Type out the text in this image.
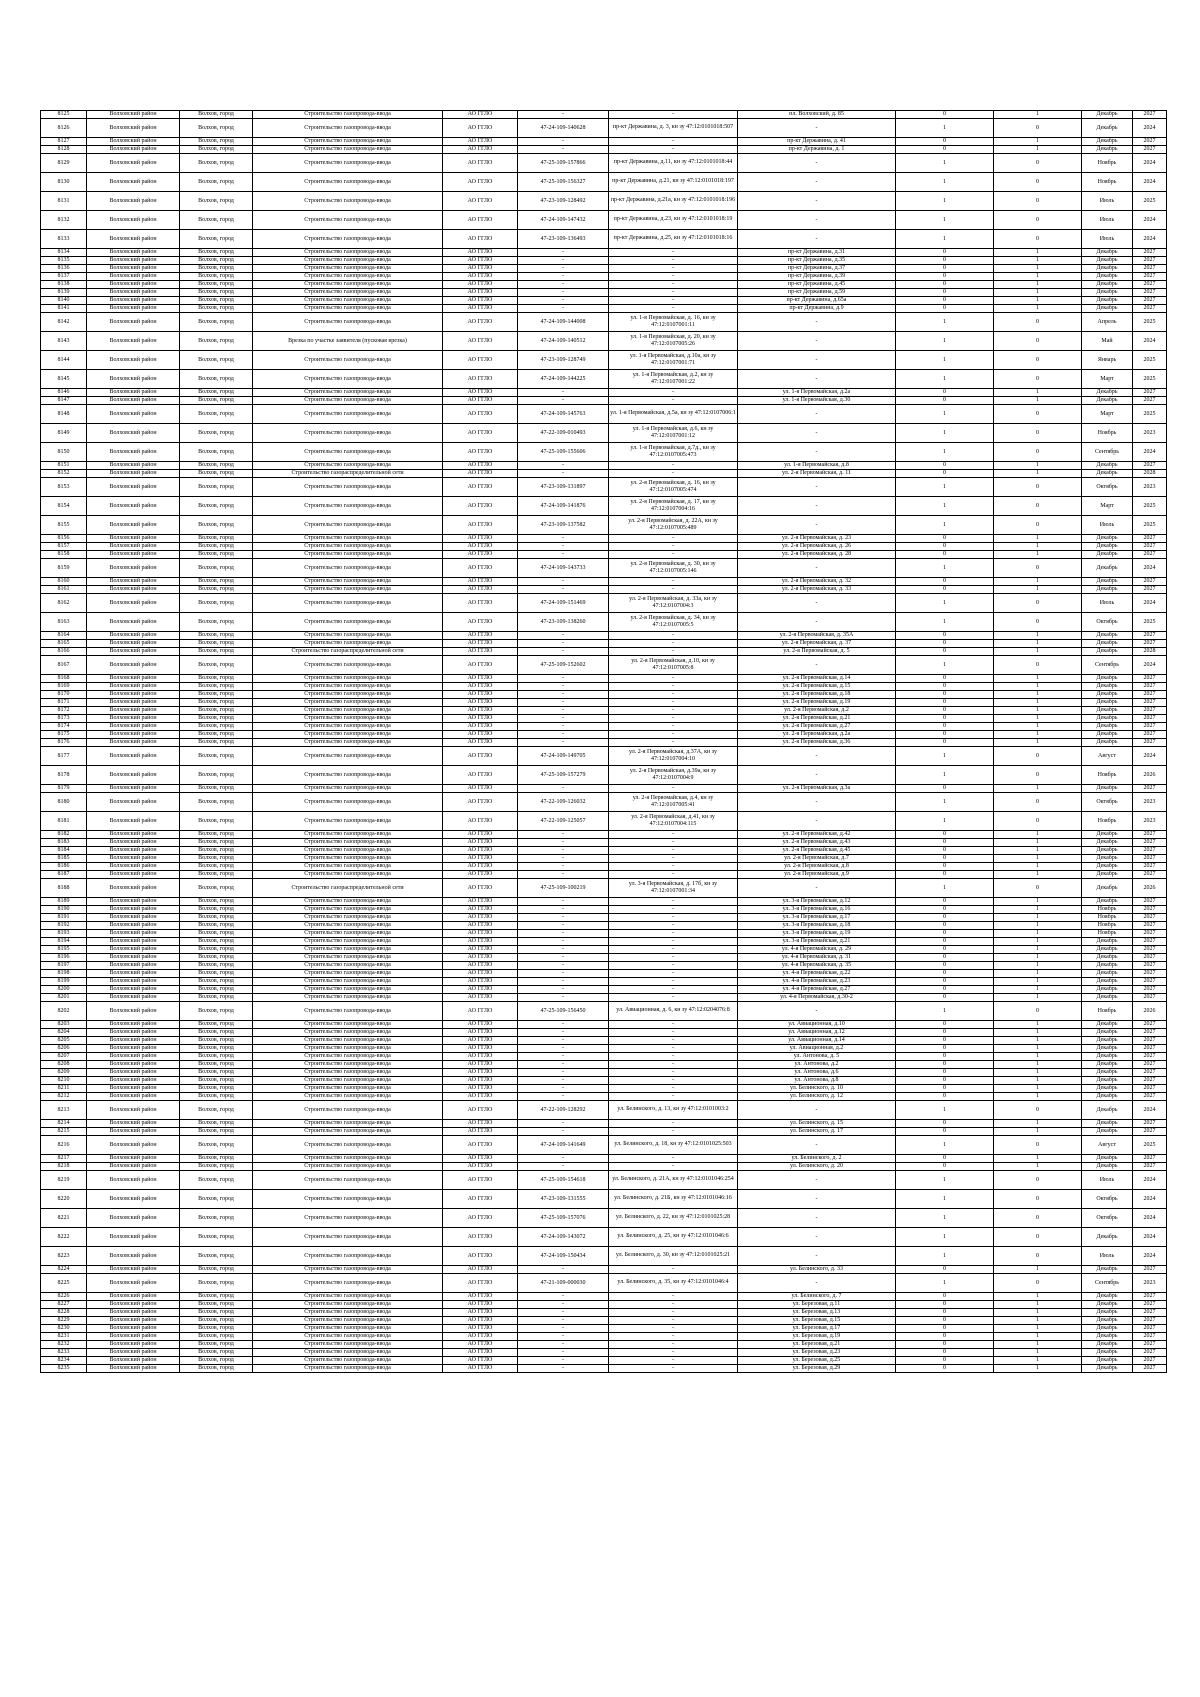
8125	Волховский район	Волхов, город	Строительство газопровода-ввода	АО ГГЛО	-	-	пл. Волховский, д. 85	0	1	Декабрь	2027
8126	Волховский район	Волхов, город	Строительство газопровода-ввода	АО ГГЛО	47-24-109-140628	пр-кт Державина, д. 3, кн зу 47:12:0101018:507	-	1	0	Декабрь	2024
8127	Волховский район	Волхов, город	Строительство газопровода-ввода	АО ГГЛО	-	-	пр-кт Державина, д. 41	0	1	Декабрь	2027
8128	Волховский район	Волхов, город	Строительство газопровода-ввода	АО ГГЛО	-	-	пр-кт Державина, д. 1	0	1	Декабрь	2027
8129	Волховский район	Волхов, город	Строительство газопровода-ввода	АО ГГЛО	47-25-109-157866	пр-кт Державина, д.11, кн зу 47:12:0101018:44	-	1	0	Ноябрь	2024
8130	Волховский район	Волхов, город	Строительство газопровода-ввода	АО ГГЛО	47-25-109-156327	пр-кт Державина, д.21, кн зу 47:12:0101018:197	-	1	0	Ноябрь	2024
8131	Волховский район	Волхов, город	Строительство газопровода-ввода	АО ГГЛО	47-23-109-128492	пр-кт Державина, д.21а, кн зу 47:12:0101018:196	-	1	0	Июль	2025
8132	Волховский район	Волхов, город	Строительство газопровода-ввода	АО ГГЛО	47-24-109-147432	пр-кт Державина, д.23, кн зу 47:12:0101018:19	-	1	0	Июль	2024
8133	Волховский район	Волхов, город	Строительство газопровода-ввода	АО ГГЛО	47-23-109-136493	пр-кт Державина, д.25, кн зу 47:12:0101018:16	-	1	0	Июль	2024
8134	Волховский район	Волхов, город	Строительство газопровода-ввода	АО ГГЛО	-	-	пр-кт Державина, д.31	0	1	Декабрь	2027
8135	Волховский район	Волхов, город	Строительство газопровода-ввода	АО ГГЛО	-	-	пр-кт Державина, д.35	0	1	Декабрь	2027
8136	Волховский район	Волхов, город	Строительство газопровода-ввода	АО ГГЛО	-	-	пр-кт Державина, д.37	0	1	Декабрь	2027
8137	Волховский район	Волхов, город	Строительство газопровода-ввода	АО ГГЛО	-	-	пр-кт Державина, д.39	0	1	Декабрь	2027
8138	Волховский район	Волхов, город	Строительство газопровода-ввода	АО ГГЛО	-	-	пр-кт Державина, д.45	0	1	Декабрь	2027
8139	Волховский район	Волхов, город	Строительство газопровода-ввода	АО ГГЛО	-	-	пр-кт Державина, д.59	0	1	Декабрь	2027
8140	Волховский район	Волхов, город	Строительство газопровода-ввода	АО ГГЛО	-	-	пр-кт Державина, д.65а	0	1	Декабрь	2027
8141	Волховский район	Волхов, город	Строительство газопровода-ввода	АО ГГЛО	-	-	пр-кт Державина, д.9	0	1	Декабрь	2027
8142	Волховский район	Волхов, город	Строительство газопровода-ввода	АО ГГЛО	47-24-109-144008	ул. 1-я Первомайская, д. 16, кн зу 47:12:0107001:11	-	1	0	Апрель	2025
8143	Волховский район	Волхов, город	Врезка по участке заявителя (пусковая врезка)	АО ГГЛО	47-24-109-140512	ул. 1-я Первомайская, д. 20, кн зу 47:12:0107005:26	-	1	0	Май	2024
8144	Волховский район	Волхов, город	Строительство газопровода-ввода	АО ГГЛО	47-23-109-128749	ул. 1-я Первомайская, д.10а, кн зу 47:12:0107001:71	-	1	0	Январь	2025
8145	Волховский район	Волхов, город	Строительство газопровода-ввода	АО ГГЛО	47-24-109-144225	ул. 1-я Первомайская, д.2, кн зу 47:12:0107001:22	-	1	0	Март	2025
8146	Волховский район	Волхов, город	Строительство газопровода-ввода	АО ГГЛО	-	-	ул. 1-я Первомайская, д.2а	0	1	Декабрь	2027
8147	Волховский район	Волхов, город	Строительство газопровода-ввода	АО ГГЛО	-	-	ул. 1-я Первомайская, д.30	0	1	Декабрь	2027
8148	Волховский район	Волхов, город	Строительство газопровода-ввода	АО ГГЛО	47-24-109-145763	ул. 1-я Первомайская, д.5а, кн зу 47:12:0107006:1	-	1	0	Март	2025
8149	Волховский район	Волхов, город	Строительство газопровода-ввода	АО ГГЛО	47-22-109-010493	ул. 1-я Первомайская, д.6, кн зу 47:12:0107001:12	-	1	0	Ноябрь	2023
8150	Волховский район	Волхов, город	Строительство газопровода-ввода	АО ГГЛО	47-25-109-155606	ул. 1-я Первомайская, д.7д., кн зу 47:12:0107005:473	-	1	0	Сентябрь	2024
8151	Волховский район	Волхов, город	Строительство газопровода-ввода	АО ГГЛО	-	-	ул. 1-я Первомайская, д.8	0	1	Декабрь	2027
8152	Волховский район	Волхов, город	Строительство газораспределительной сети	АО ГГЛО	-	-	ул. 2-я Первомайская, д. 11	0	1	Декабрь	2028
8153	Волховский район	Волхов, город	Строительство газопровода-ввода	АО ГГЛО	47-23-109-131897	ул. 2-я Первомайская, д. 16, кн зу 47:12:0107005:474	-	1	0	Октябрь	2023
8154	Волховский район	Волхов, город	Строительство газопровода-ввода	АО ГГЛО	47-24-109-141876	ул. 2-я Первомайская, д. 17, кн зу 47:12:0107004:16	-	1	0	Март	2025
8155	Волховский район	Волхов, город	Строительство газопровода-ввода	АО ГГЛО	47-23-109-137582	ул. 2-я Первомайская, д. 22А, кн зу 47:12:0107005:489	-	1	0	Июль	2025
8156	Волховский район	Волхов, город	Строительство газопровода-ввода	АО ГГЛО	-	-	ул. 2-я Первомайская, д. 23	0	1	Декабрь	2027
8157	Волховский район	Волхов, город	Строительство газопровода-ввода	АО ГГЛО	-	-	ул. 2-я Первомайская, д. 26	0	1	Декабрь	2027
8158	Волховский район	Волхов, город	Строительство газопровода-ввода	АО ГГЛО	-	-	ул. 2-я Первомайская, д. 28	0	1	Декабрь	2027
8159	Волховский район	Волхов, город	Строительство газопровода-ввода	АО ГГЛО	47-24-109-143733	ул. 2-я Первомайская, д. 30, кн зу 47:12:0107005:146	-	1	0	Декабрь	2024
8160	Волховский район	Волхов, город	Строительство газопровода-ввода	АО ГГЛО	-	-	ул. 2-я Первомайская, д. 32	0	1	Декабрь	2027
8161	Волховский район	Волхов, город	Строительство газопровода-ввода	АО ГГЛО	-	-	ул. 2-я Первомайская, д. 33	0	1	Декабрь	2027
8162	Волховский район	Волхов, город	Строительство газопровода-ввода	АО ГГЛО	47-24-109-151469	ул. 2-я Первомайская, д. 33а, кн зу 47:12:0107004:3	-	1	0	Июль	2024
8163	Волховский район	Волхов, город	Строительство газопровода-ввода	АО ГГЛО	47-23-109-138260	ул. 2-я Первомайская, д. 34, кн зу 47:12:0107005:5	-	1	0	Октябрь	2025
8164	Волховский район	Волхов, город	Строительство газопровода-ввода	АО ГГЛО	-	-	ул. 2-я Первомайская, д. 35А	0	1	Декабрь	2027
8165	Волховский район	Волхов, город	Строительство газопровода-ввода	АО ГГЛО	-	-	ул. 2-я Первомайская, д. 37	0	1	Декабрь	2027
8166	Волховский район	Волхов, город	Строительство газораспределительной сети	АО ГГЛО	-	-	ул. 2-я Первомайская, д. 5	0	1	Декабрь	2028
8167	Волховский район	Волхов, город	Строительство газопровода-ввода	АО ГГЛО	47-25-109-152602	ул. 2-я Первомайская, д.10, кн зу 47:12:0107005:8	-	1	0	Сентябрь	2024
8168	Волховский район	Волхов, город	Строительство газопровода-ввода	АО ГГЛО	-	-	ул. 2-я Первомайская, д.14	0	1	Декабрь	2027
8169	Волховский район	Волхов, город	Строительство газопровода-ввода	АО ГГЛО	-	-	ул. 2-я Первомайская, д.15	0	1	Декабрь	2027
8170	Волховский район	Волхов, город	Строительство газопровода-ввода	АО ГГЛО	-	-	ул. 2-я Первомайская, д.18	0	1	Декабрь	2027
8171	Волховский район	Волхов, город	Строительство газопровода-ввода	АО ГГЛО	-	-	ул. 2-я Первомайская, д.19	0	1	Декабрь	2027
8172	Волховский район	Волхов, город	Строительство газопровода-ввода	АО ГГЛО	-	-	ул. 2-я Первомайская, д.2	0	1	Декабрь	2027
8173	Волховский район	Волхов, город	Строительство газопровода-ввода	АО ГГЛО	-	-	ул. 2-я Первомайская, д.21	0	1	Декабрь	2027
8174	Волховский район	Волхов, город	Строительство газопровода-ввода	АО ГГЛО	-	-	ул. 2-я Первомайская, д.27	0	1	Декабрь	2027
8175	Волховский район	Волхов, город	Строительство газопровода-ввода	АО ГГЛО	-	-	ул. 2-я Первомайская, д.2а	0	1	Декабрь	2027
8176	Волховский район	Волхов, город	Строительство газопровода-ввода	АО ГГЛО	-	-	ул. 2-я Первомайская, д.36	0	1	Декабрь	2027
8177	Волховский район	Волхов, город	Строительство газопровода-ввода	АО ГГЛО	47-24-109-149705	ул. 2-я Первомайская, д.37А, кн зу 47:12:0107004:10	-	1	0	Август	2024
8178	Волховский район	Волхов, город	Строительство газопровода-ввода	АО ГГЛО	47-25-109-157279	ул. 2-я Первомайская, д.39а, кн зу 47:12:0107004:9	-	1	0	Ноябрь	2026
8179	Волховский район	Волхов, город	Строительство газопровода-ввода	АО ГГЛО	-	-	ул. 2-я Первомайская, д.3а	0	1	Декабрь	2027
8180	Волховский район	Волхов, город	Строительство газопровода-ввода	АО ГГЛО	47-22-109-126032	ул. 2-я Первомайская, д.4, кн зу 47:12:0107005:41	-	1	0	Октябрь	2023
8181	Волховский район	Волхов, город	Строительство газопровода-ввода	АО ГГЛО	47-22-109-125057	ул. 2-я Первомайская, д.41, кн зу 47:12:0107004:115	-	1	0	Ноябрь	2023
8182	Волховский район	Волхов, город	Строительство газопровода-ввода	АО ГГЛО	-	-	ул. 2-я Первомайская, д.42	0	1	Декабрь	2027
8183	Волховский район	Волхов, город	Строительство газопровода-ввода	АО ГГЛО	-	-	ул. 2-я Первомайская, д.43	0	1	Декабрь	2027
8184	Волховский район	Волхов, город	Строительство газопровода-ввода	АО ГГЛО	-	-	ул. 2-я Первомайская, д.45	0	1	Декабрь	2027
8185	Волховский район	Волхов, город	Строительство газопровода-ввода	АО ГГЛО	-	-	ул. 2-я Первомайская, д.7	0	1	Декабрь	2027
8186	Волховский район	Волхов, город	Строительство газопровода-ввода	АО ГГЛО	-	-	ул. 2-я Первомайская, д.8	0	1	Декабрь	2027
8187	Волховский район	Волхов, город	Строительство газопровода-ввода	АО ГГЛО	-	-	ул. 2-я Первомайская, д.9	0	1	Декабрь	2027
8188	Волховский район	Волхов, город	Строительство газораспределительной сети	АО ГГЛО	47-25-109-100219	ул. 3-я Первомайская, д. 17б, кн зу 47:12:0107001:34	-	1	0	Декабрь	2026
8189	Волховский район	Волхов, город	Строительство газопровода-ввода	АО ГГЛО	-	-	ул. 3-я Первомайская, д.12	0	1	Декабрь	2027
8190	Волховский район	Волхов, город	Строительство газопровода-ввода	АО ГГЛО	-	-	ул. 3-я Первомайская, д.16	0	1	Ноябрь	2027
8191	Волховский район	Волхов, город	Строительство газопровода-ввода	АО ГГЛО	-	-	ул. 3-я Первомайская, д.17	0	1	Ноябрь	2027
8192	Волховский район	Волхов, город	Строительство газопровода-ввода	АО ГГЛО	-	-	ул. 3-я Первомайская, д.18	0	1	Ноябрь	2027
8193	Волховский район	Волхов, город	Строительство газопровода-ввода	АО ГГЛО	-	-	ул. 3-я Первомайская, д.19	0	1	Ноябрь	2027
8194	Волховский район	Волхов, город	Строительство газопровода-ввода	АО ГГЛО	-	-	ул. 3-я Первомайская, д.21	0	1	Декабрь	2027
8195	Волховский район	Волхов, город	Строительство газопровода-ввода	АО ГГЛО	-	-	ул. 4-я Первомайская, д. 29	0	1	Декабрь	2027
8196	Волховский район	Волхов, город	Строительство газопровода-ввода	АО ГГЛО	-	-	ул. 4-я Первомайская, д. 31	0	1	Декабрь	2027
8197	Волховский район	Волхов, город	Строительство газопровода-ввода	АО ГГЛО	-	-	ул. 4-я Первомайская, д. 35	0	1	Декабрь	2027
8198	Волховский район	Волхов, город	Строительство газопровода-ввода	АО ГГЛО	-	-	ул. 4-я Первомайская, д.22	0	1	Декабрь	2027
8199	Волховский район	Волхов, город	Строительство газопровода-ввода	АО ГГЛО	-	-	ул. 4-я Первомайская, д.23	0	1	Декабрь	2027
8200	Волховский район	Волхов, город	Строительство газопровода-ввода	АО ГГЛО	-	-	ул. 4-я Первомайская, д.27	0	1	Декабрь	2027
8201	Волховский район	Волхов, город	Строительство газопровода-ввода	АО ГГЛО	-	-	ул. 4-я Первомайская, д.30-2	0	1	Декабрь	2027
8202	Волховский район	Волхов, город	Строительство газопровода-ввода	АО ГГЛО	47-25-109-156450	ул. Авиационная, д. 6, кн зу 47:12:0204076:8	-	1	0	Ноябрь	2026
8203	Волховский район	Волхов, город	Строительство газопровода-ввода	АО ГГЛО	-	-	ул. Авиационная, д.10	0	1	Декабрь	2027
8204	Волховский район	Волхов, город	Строительство газопровода-ввода	АО ГГЛО	-	-	ул. Авиационная, д.12	0	1	Декабрь	2027
8205	Волховский район	Волхов, город	Строительство газопровода-ввода	АО ГГЛО	-	-	ул. Авиационная, д.14	0	1	Декабрь	2027
8206	Волховский район	Волхов, город	Строительство газопровода-ввода	АО ГГЛО	-	-	ул. Авиационная, д.2	0	1	Декабрь	2027
8207	Волховский район	Волхов, город	Строительство газопровода-ввода	АО ГГЛО	-	-	ул. Антонова, д. 5	0	1	Декабрь	2027
8208	Волховский район	Волхов, город	Строительство газопровода-ввода	АО ГГЛО	-	-	ул. Антонова, д.2	0	1	Декабрь	2027
8209	Волховский район	Волхов, город	Строительство газопровода-ввода	АО ГГЛО	-	-	ул. Антонова, д.6	0	1	Декабрь	2027
8210	Волховский район	Волхов, город	Строительство газопровода-ввода	АО ГГЛО	-	-	ул. Антонова, д.8	0	1	Декабрь	2027
8211	Волховский район	Волхов, город	Строительство газопровода-ввода	АО ГГЛО	-	-	ул. Белинского, д. 10	0	1	Декабрь	2027
8212	Волховский район	Волхов, город	Строительство газопровода-ввода	АО ГГЛО	-	-	ул. Белинского, д. 12	0	1	Декабрь	2027
8213	Волховский район	Волхов, город	Строительство газопровода-ввода	АО ГГЛО	47-22-109-128292	ул. Белинского, д. 13, кн зу 47:12:0101003:2	-	1	0	Декабрь	2024
8214	Волховский район	Волхов, город	Строительство газопровода-ввода	АО ГГЛО	-	-	ул. Белинского, д. 15	0	1	Декабрь	2027
8215	Волховский район	Волхов, город	Строительство газопровода-ввода	АО ГГЛО	-	-	ул. Белинского, д. 17	0	1	Декабрь	2027
8216	Волховский район	Волхов, город	Строительство газопровода-ввода	АО ГГЛО	47-24-109-141649	ул. Белинского, д. 18, кн зу 47:12:0101025:503	-	1	0	Август	2025
8217	Волховский район	Волхов, город	Строительство газопровода-ввода	АО ГГЛО	-	-	ул. Белинского, д. 2	0	1	Декабрь	2027
8218	Волховский район	Волхов, город	Строительство газопровода-ввода	АО ГГЛО	-	-	ул. Белинского, д. 20	0	1	Декабрь	2027
8219	Волховский район	Волхов, город	Строительство газопровода-ввода	АО ГГЛО	47-25-109-154618	ул. Белинского, д. 21А, кн зу 47:12:0101046:254	-	1	0	Июль	2024
8220	Волховский район	Волхов, город	Строительство газопровода-ввода	АО ГГЛО	47-23-109-131555	ул. Белинского, д. 21Б, кн зу 47:12:0101046:16	-	1	0	Октябрь	2024
8221	Волховский район	Волхов, город	Строительство газопровода-ввода	АО ГГЛО	47-25-109-157076	ул. Белинского, д. 22, кн зу 47:12:0101025:28	-	1	0	Октябрь	2024
8222	Волховский район	Волхов, город	Строительство газопровода-ввода	АО ГГЛО	47-24-109-143072	ул. Белинского, д. 25, кн зу 47:12:0101046:6	-	1	0	Декабрь	2024
8223	Волховский район	Волхов, город	Строительство газопровода-ввода	АО ГГЛО	47-24-109-150434	ул. Белинского, д. 30, кн зу 47:12:0101025:21	-	1	0	Июль	2024
8224	Волховский район	Волхов, город	Строительство газопровода-ввода	АО ГГЛО	-	-	ул. Белинского, д. 33	0	1	Декабрь	2027
8225	Волховский район	Волхов, город	Строительство газопровода-ввода	АО ГГЛО	47-21-109-000030	ул. Белинского, д. 35, кн зу 47:12:0101046:4	-	1	0	Сентябрь	2023
8226	Волховский район	Волхов, город	Строительство газопровода-ввода	АО ГГЛО	-	-	ул. Белинского, д. 7	0	1	Декабрь	2027
8227	Волховский район	Волхов, город	Строительство газопровода-ввода	АО ГГЛО	-	-	ул. Березовая, д.11	0	1	Декабрь	2027
8228	Волховский район	Волхов, город	Строительство газопровода-ввода	АО ГГЛО	-	-	ул. Березовая, д.13	0	1	Декабрь	2027
8229	Волховский район	Волхов, город	Строительство газопровода-ввода	АО ГГЛО	-	-	ул. Березовая, д.15	0	1	Декабрь	2027
8230	Волховский район	Волхов, город	Строительство газопровода-ввода	АО ГГЛО	-	-	ул. Березовая, д.17	0	1	Декабрь	2027
8231	Волховский район	Волхов, город	Строительство газопровода-ввода	АО ГГЛО	-	-	ул. Березовая, д.19	0	1	Декабрь	2027
8232	Волховский район	Волхов, город	Строительство газопровода-ввода	АО ГГЛО	-	-	ул. Березовая, д.21	0	1	Декабрь	2027
8233	Волховский район	Волхов, город	Строительство газопровода-ввода	АО ГГЛО	-	-	ул. Березовая, д.23	0	1	Декабрь	2027
8234	Волховский район	Волхов, город	Строительство газопровода-ввода	АО ГГЛО	-	-	ул. Березовая, д.25	0	1	Декабрь	2027
8235	Волховский район	Волхов, город	Строительство газопровода-ввода	АО ГГЛО	-	-	ул. Березовая, д.29	0	1	Декабрь	2027
